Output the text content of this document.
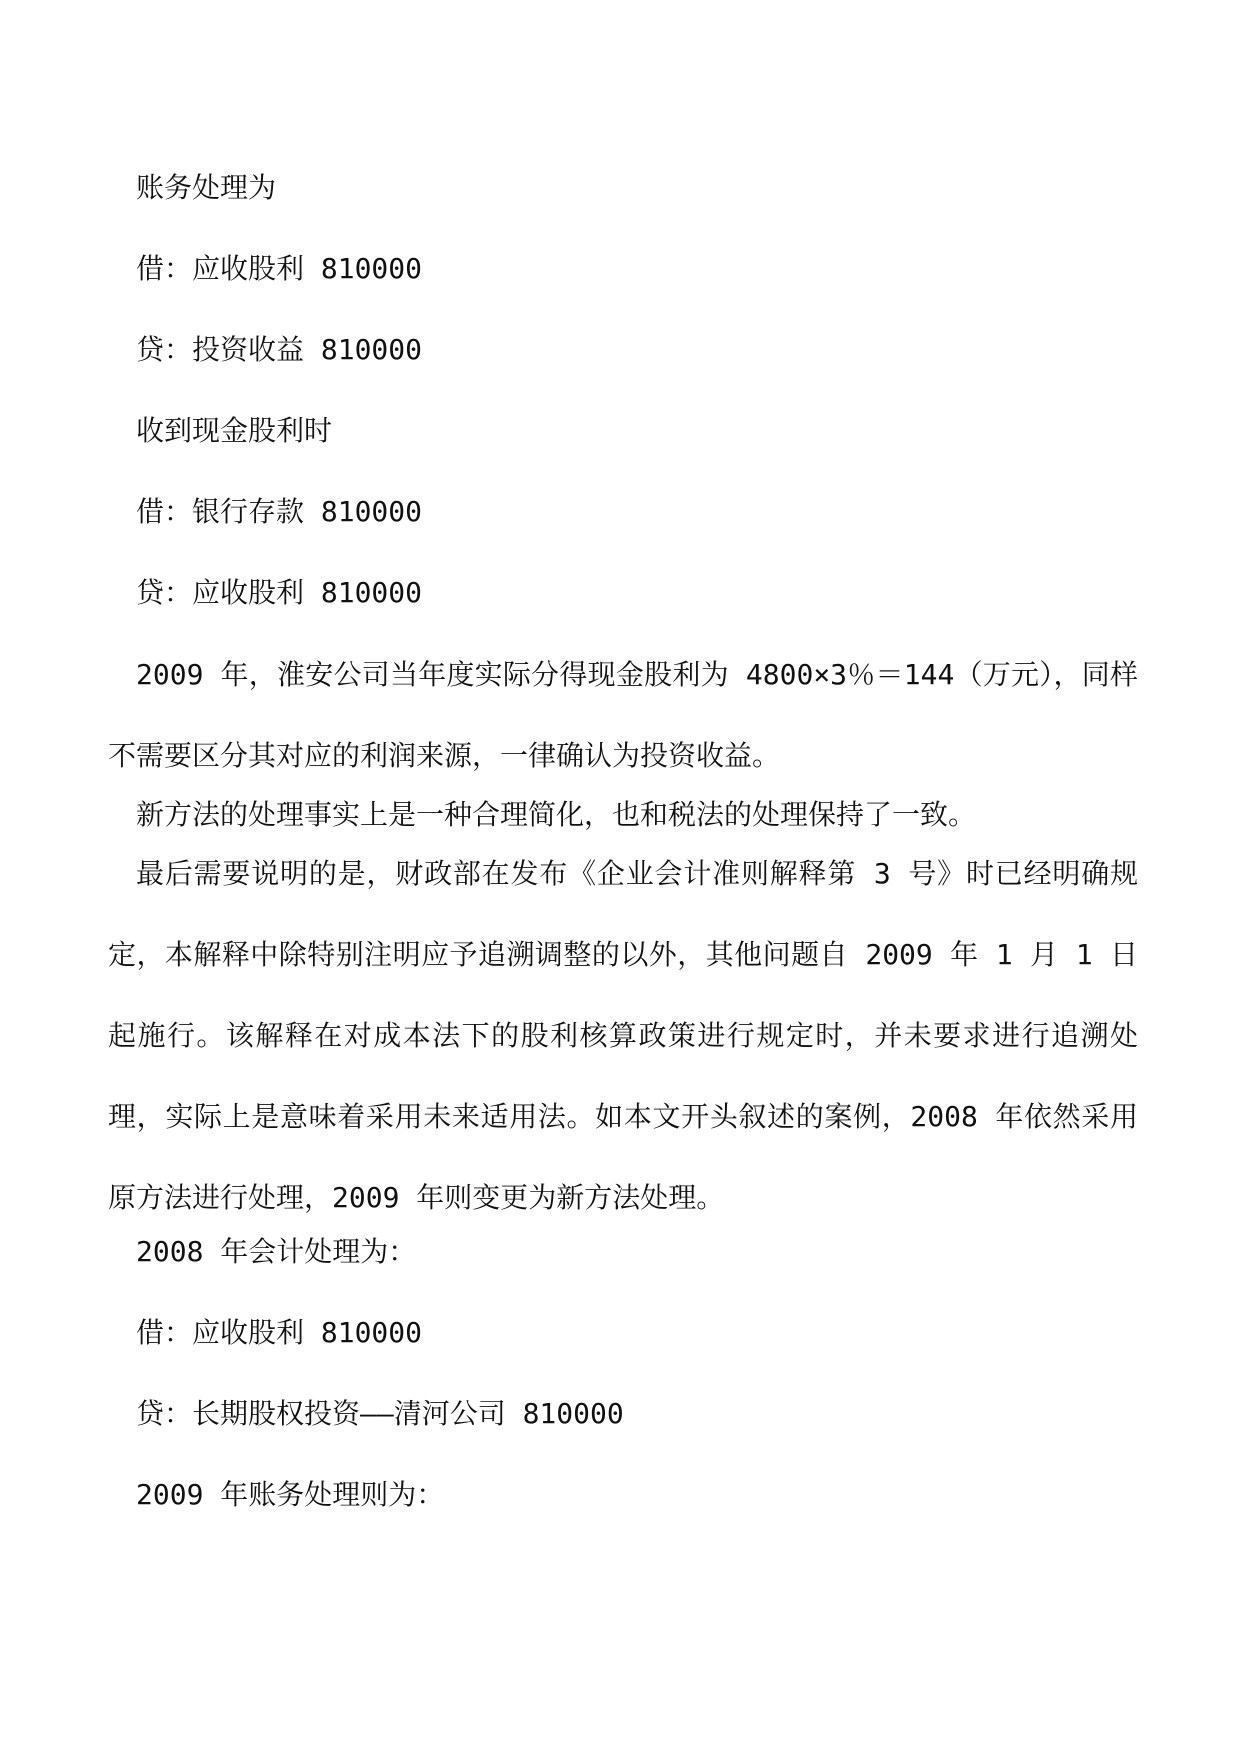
账务处理为
借：应收股利 810000
贷：投资收益 810000
收到现金股利时
借：银行存款 810000
贷：应收股利 810000

2009 年，淮安公司当年度实际分得现金股利为 4800×3％＝144（万元），同样不需要区分其对应的利润来源，一律确认为投资收益。

新方法的处理事实上是一种合理简化，也和税法的处理保持了一致。

最后需要说明的是，财政部在发布《企业会计准则解释第 3 号》时已经明确规定，本解释中除特别注明应予追溯调整的以外，其他问题自 2009 年 1 月 1 日起施行。该解释在对成本法下的股利核算政策进行规定时，并未要求进行追溯处理，实际上是意味着采用未来适用法。如本文开头叙述的案例，2008 年依然采用原方法进行处理，2009 年则变更为新方法处理。

2008 年会计处理为：
借：应收股利 810000
贷：长期股权投资——清河公司 810000
2009 年账务处理则为：
